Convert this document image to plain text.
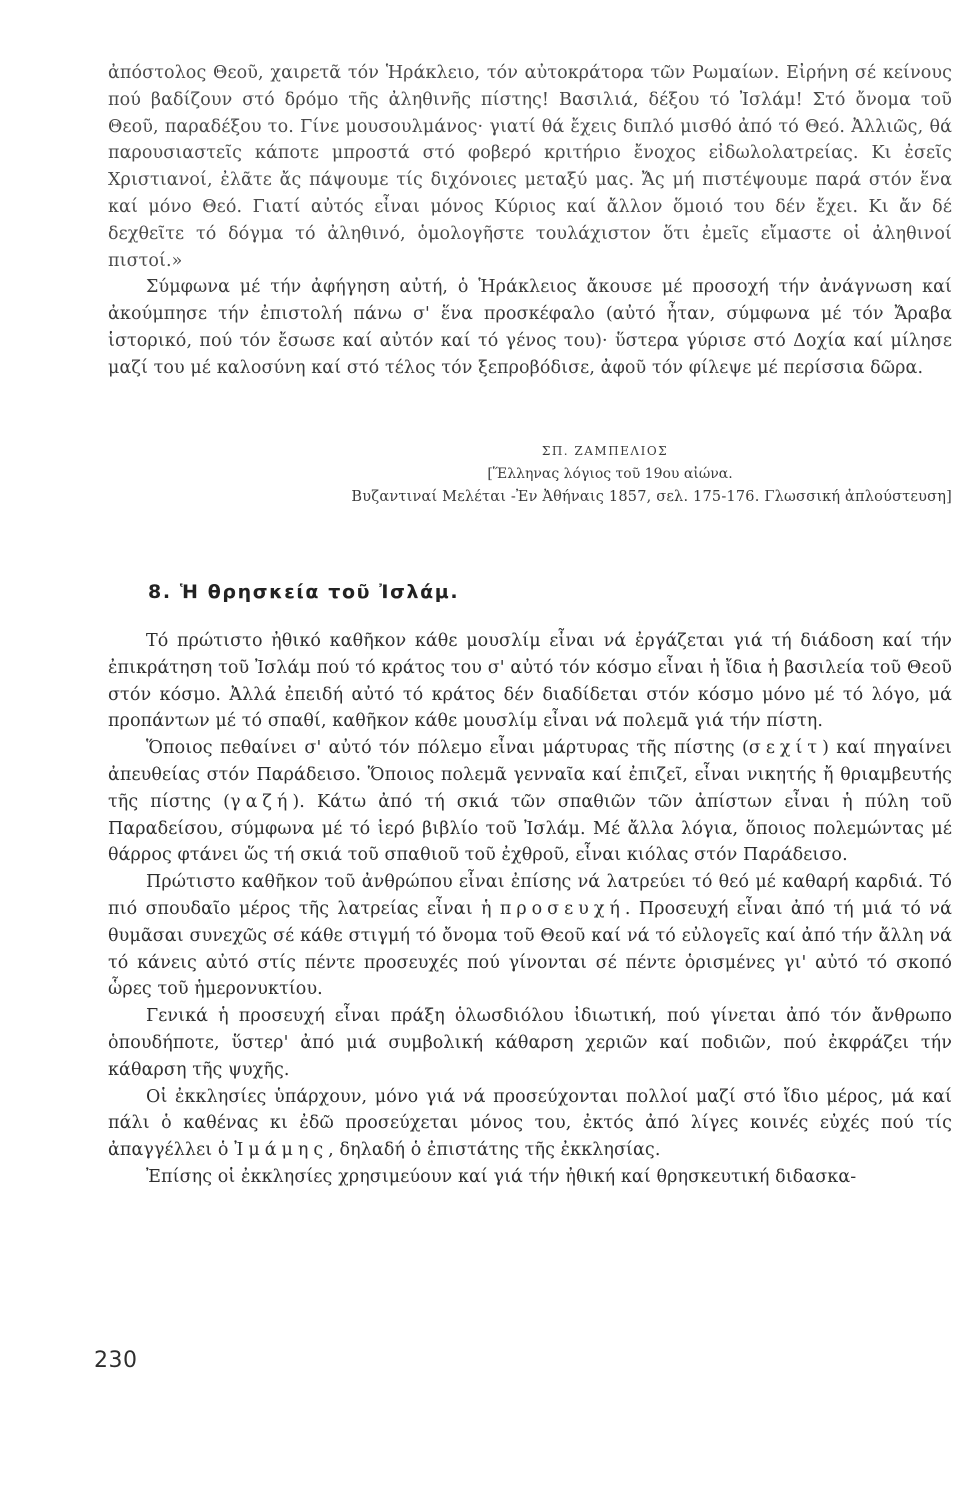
ἀπόστολος Θεοῦ, χαιρετᾶ τόν Ἡράκλειο, τόν αὐτοκράτορα τῶν Ρωμαίων. Εἰρήνη σέ κείνους πού βαδίζουν στό δρόμο τῆς ἀληθινῆς πίστης! Βασιλιά, δέξου τό Ἰσλάμ! Στό ὄνομα τοῦ Θεοῦ, παραδέξου το. Γίνε μουσουλμάνος· γιατί θά ἔχεις διπλό μισθό ἀπό τό Θεό. Ἀλλιῶς, θά παρουσιαστεῖς κάποτε μπροστά στό φοβερό κριτήριο ἔνοχος εἰδωλολατρείας. Κι ἐσεῖς Χριστιανοί, ἐλᾶτε ἄς πάψουμε τίς διχόνοιες μεταξύ μας. Ἄς μή πιστέψουμε παρά στόν ἕνα καί μόνο Θεό. Γιατί αὐτός εἶναι μόνος Κύριος καί ἄλλον ὅμοιό του δέν ἔχει. Κι ἄν δέ δεχθεῖτε τό δόγμα τό ἀληθινό, ὁμολογῆστε τουλάχιστον ὅτι ἐμεῖς εἴμαστε οἱ ἀληθινοί πιστοί.»

Σύμφωνα μέ τήν ἀφήγηση αὐτή, ὁ Ἡράκλειος ἄκουσε μέ προσοχή τήν ἀνάγνωση καί ἀκούμπησε τήν ἐπιστολή πάνω σ' ἕνα προσκέφαλο (αὐτό ἦταν, σύμφωνα μέ τόν Ἄραβα ἱστορικό, πού τόν ἔσωσε καί αὐτόν καί τό γένος του)· ὕστερα γύρισε στό Δοχία καί μίλησε μαζί του μέ καλοσύνη καί στό τέλος τόν ξεπροβόδισε, ἀφοῦ τόν φίλεψε μέ περίσσια δῶρα.

ΣΠ. ΖΑΜΠΕΛΙΟΣ
[Ἕλληνας λόγιος τοῦ 19ου αἰώνα.
Βυζαντιναί Μελέται -Ἐν Ἀθήναις 1857, σελ. 175-176. Γλωσσική ἀπλούστευση]
8. Ἡ θρησκεία τοῦ Ἰσλάμ.

Τό πρώτιστο ἠθικό καθῆκον κάθε μουσλίμ εἶναι νά ἐργάζεται γιά τή διάδοση καί τήν ἐπικράτηση τοῦ Ἰσλάμ πού τό κράτος του σ' αὐτό τόν κόσμο εἶναι ἡ ἴδια ἡ βασιλεία τοῦ Θεοῦ στόν κόσμο. Ἀλλά ἐπειδή αὐτό τό κράτος δέν διαδίδεται στόν κόσμο μόνο μέ τό λόγο, μά προπάντων μέ τό σπαθί, καθῆκον κάθε μουσλίμ εἶναι νά πολεμᾶ γιά τήν πίστη.

Ὅποιος πεθαίνει σ' αὐτό τόν πόλεμο εἶναι μάρτυρας τῆς πίστης (σεχίτ) καί πηγαίνει ἀπευθείας στόν Παράδεισο. Ὅποιος πολεμᾶ γενναῖα καί ἐπιζεῖ, εἶναι νικητής ἤ θριαμβευτής τῆς πίστης (γαζή). Κάτω ἀπό τή σκιά τῶν σπαθιῶν τῶν ἀπίστων εἶναι ἡ πύλη τοῦ Παραδείσου, σύμφωνα μέ τό ἱερό βιβλίο τοῦ Ἰσλάμ. Μέ ἄλλα λόγια, ὅποιος πολεμώντας μέ θάρρος φτάνει ὥς τή σκιά τοῦ σπαθιοῦ τοῦ ἐχθροῦ, εἶναι κιόλας στόν Παράδεισο.

Πρώτιστο καθῆκον τοῦ ἀνθρώπου εἶναι ἐπίσης νά λατρεύει τό θεό μέ καθαρή καρδιά. Τό πιό σπουδαῖο μέρος τῆς λατρείας εἶναι ἡ προσευχή. Προσευχή εἶναι ἀπό τή μιά τό νά θυμᾶσαι συνεχῶς σέ κάθε στιγμή τό ὄνομα τοῦ Θεοῦ καί νά τό εὐλογεῖς καί ἀπό τήν ἄλλη νά τό κάνεις αὐτό στίς πέντε προσευχές πού γίνονται σέ πέντε ὁρισμένες γι' αὐτό τό σκοπό ὧρες τοῦ ἡμερονυκτίου.

Γενικά ἡ προσευχή εἶναι πράξη ὁλωσδιόλου ἰδιωτική, πού γίνεται ἀπό τόν ἄνθρωπο ὁπουδήποτε, ὕστερ' ἀπό μιά συμβολική κάθαρση χεριῶν καί ποδιῶν, πού ἐκφράζει τήν κάθαρση τῆς ψυχῆς.

Οἱ ἐκκλησίες ὑπάρχουν, μόνο γιά νά προσεύχονται πολλοί μαζί στό ἴδιο μέρος, μά καί πάλι ὁ καθένας κι ἐδῶ προσεύχεται μόνος του, ἐκτός ἀπό λίγες κοινές εὐχές πού τίς ἀπαγγέλλει ὁ Ἰμάμης, δηλαδή ὁ ἐπιστάτης τῆς ἐκκλησίας.

Ἐπίσης οἱ ἐκκλησίες χρησιμεύουν καί γιά τήν ἠθική καί θρησκευτική διδασκα-

230
